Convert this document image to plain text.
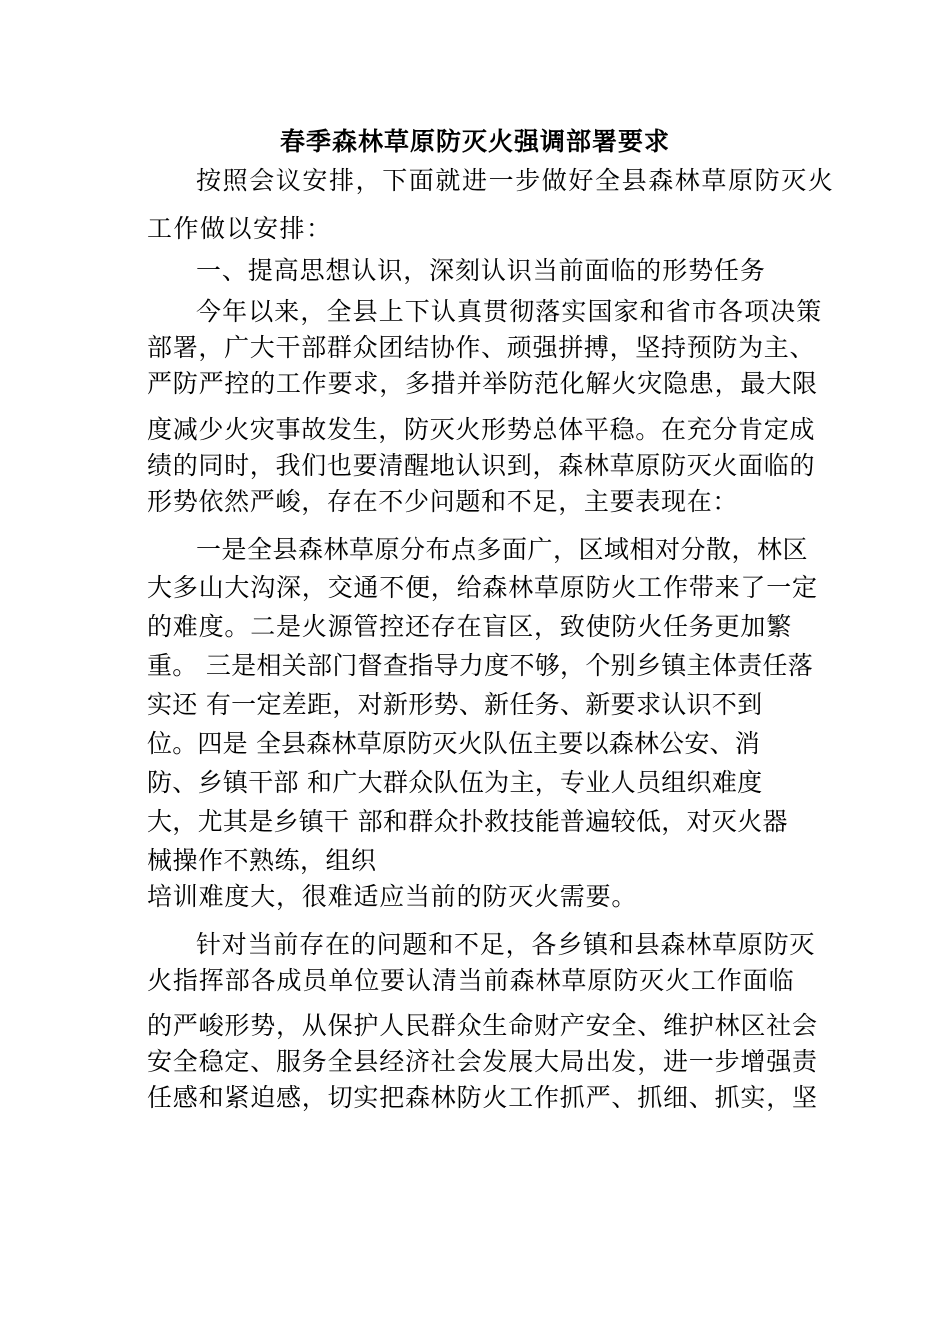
春季森林草原防灭火强调部署要求

按照会议安排，下面就进一步做好全县森林草原防灭火

工作做以安排：

一、提高思想认识，深刻认识当前面临的形势任务

今年以来，全县上下认真贯彻落实国家和省市各项决策

部署，广大干部群众团结协作、顽强拼搏，坚持预防为主、

严防严控的工作要求，多措并举防范化解火灾隐患，最大限

度减少火灾事故发生，防灭火形势总体平稳。在充分肯定成

绩的同时，我们也要清醒地认识到，森林草原防灭火面临的

形势依然严峻，存在不少问题和不足，主要表现在：

一是全县森林草原分布点多面广，区域相对分散，林区

大多山大沟深，交通不便，给森林草原防火工作带来了一定

的难度。二是火源管控还存在盲区，致使防火任务更加繁

重。 三是相关部门督查指导力度不够，个别乡镇主体责任落

实还 有一定差距，对新形势、新任务、新要求认识不到

位。四是 全县森林草原防灭火队伍主要以森林公安、消

防、乡镇干部 和广大群众队伍为主，专业人员组织难度

大，尤其是乡镇干 部和群众扑救技能普遍较低，对灭火器

械操作不熟练，组织

培训难度大，很难适应当前的防灭火需要。

针对当前存在的问题和不足，各乡镇和县森林草原防灭

火指挥部各成员单位要认清当前森林草原防灭火工作面临

的严峻形势，从保护人民群众生命财产安全、维护林区社会

安全稳定、服务全县经济社会发展大局出发，进一步增强责

任感和紧迫感，切实把森林防火工作抓严、抓细、抓实，坚
